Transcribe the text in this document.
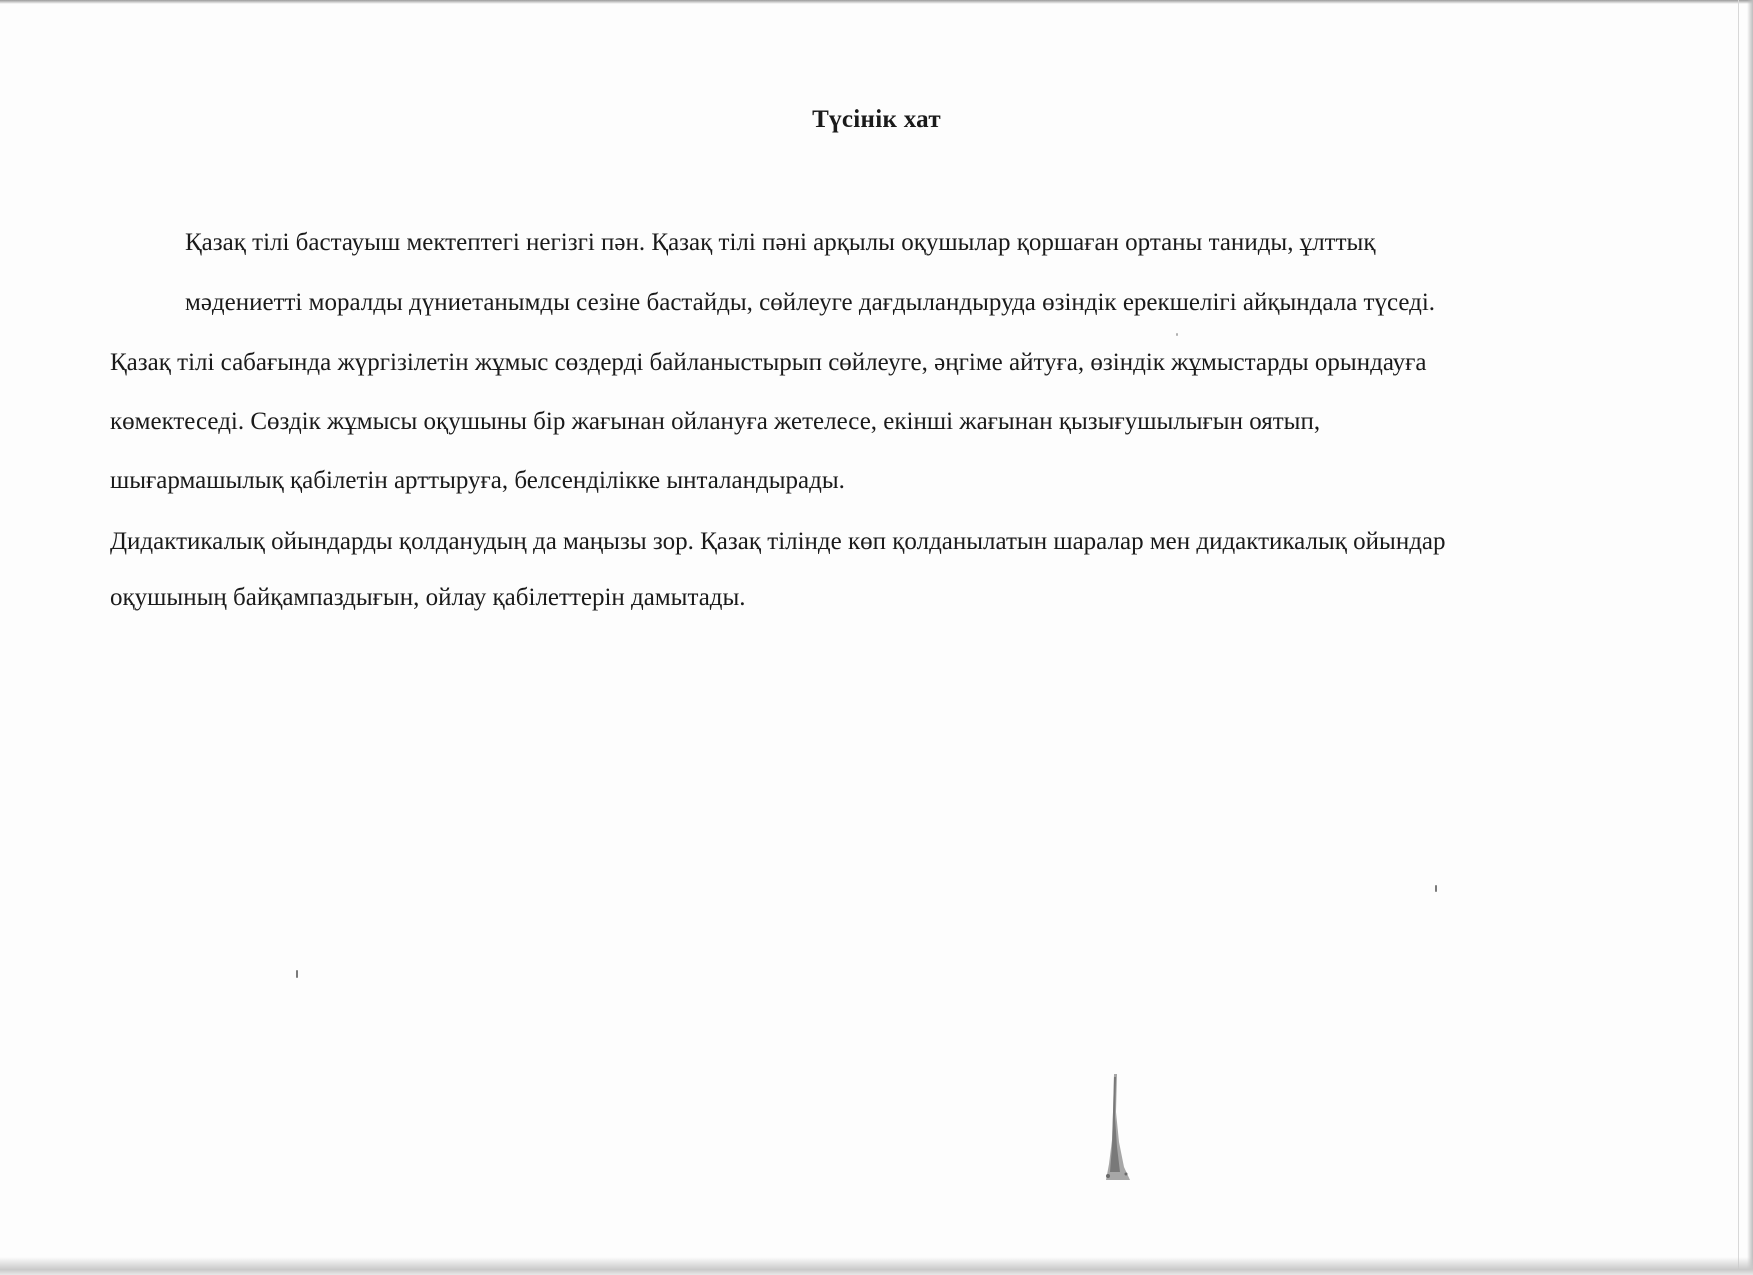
Түсінік хат
Қазақ тілі бастауыш мектептегі негізгі пән. Қазақ тілі пәні арқылы оқушылар қоршаған ортаны таниды, ұлттық
мәдениетті моралды дүниетанымды сезіне бастайды, сөйлеуге дағдыландыруда өзіндік ерекшелігі айқындала түседі.
Қазақ тілі сабағында жүргізілетін жұмыс сөздерді байланыстырып сөйлеуге, әңгіме айтуға, өзіндік жұмыстарды орындауға
көмектеседі. Сөздік жұмысы оқушыны бір жағынан ойлануға жетелесе, екінші жағынан қызығушылығын оятып,
шығармашылық қабілетін арттыруға, белсенділікке ынталандырады.
Дидактикалық ойындарды қолданудың да маңызы зор. Қазақ тілінде көп қолданылатын шаралар мен дидактикалық ойындар
оқушының байқампаздығын, ойлау қабілеттерін дамытады.
